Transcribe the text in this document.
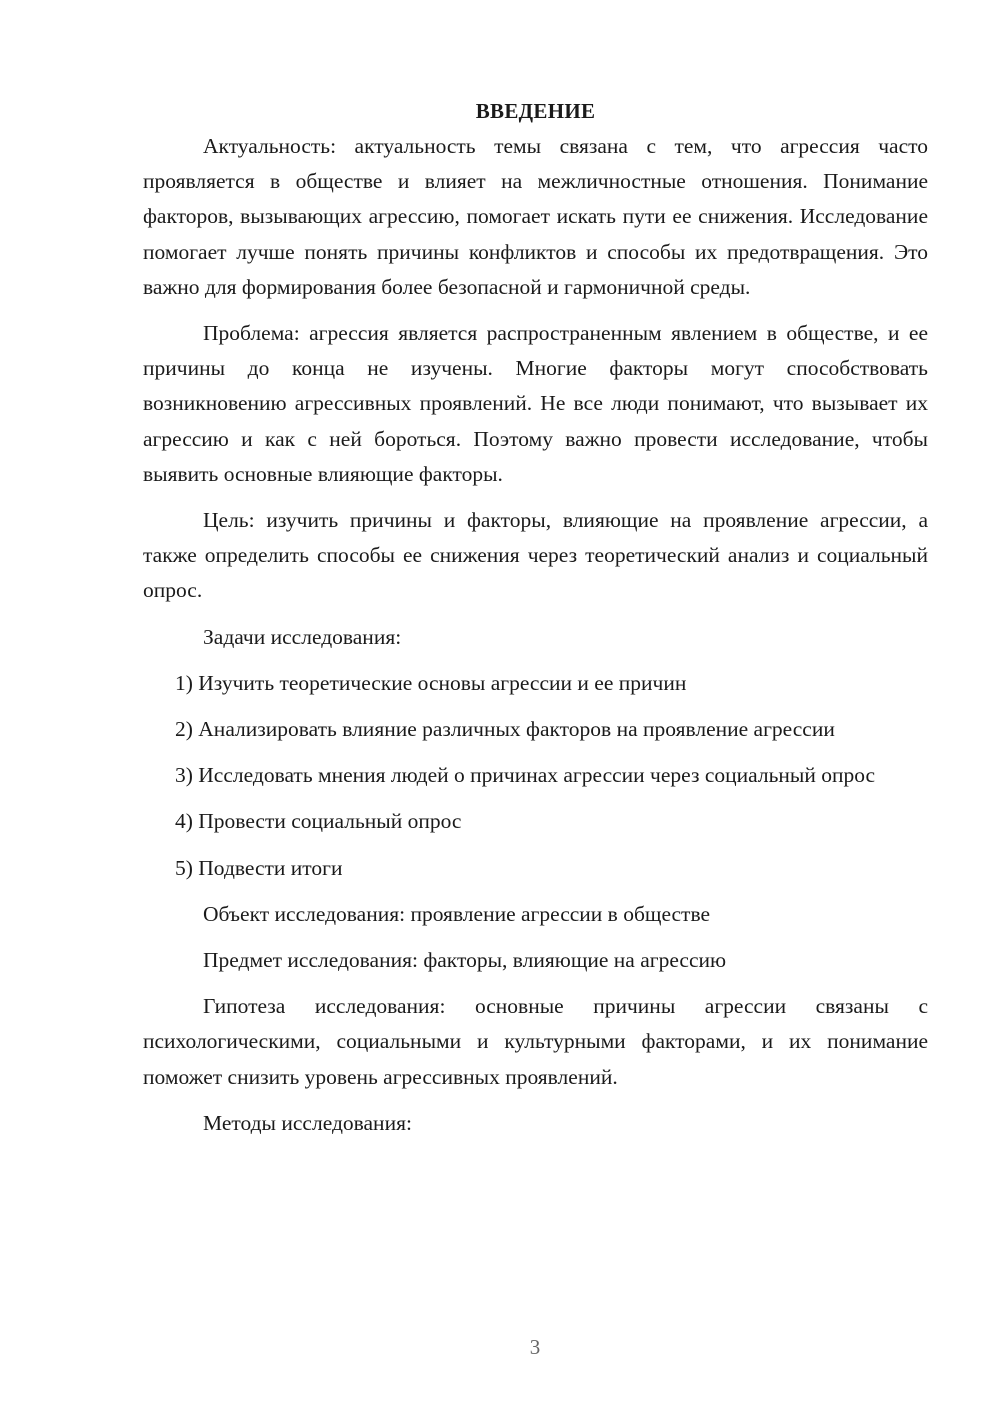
ВВЕДЕНИЕ

Актуальность: актуальность темы связана с тем, что агрессия часто проявляется в обществе и влияет на межличностные отношения. Понимание факторов, вызывающих агрессию, помогает искать пути ее снижения. Исследование помогает лучше понять причины конфликтов и способы их предотвращения. Это важно для формирования более безопасной и гармоничной среды.

Проблема: агрессия является распространенным явлением в обществе, и ее причины до конца не изучены. Многие факторы могут способствовать возникновению агрессивных проявлений. Не все люди понимают, что вызывает их агрессию и как с ней бороться. Поэтому важно провести исследование, чтобы выявить основные влияющие факторы.

Цель: изучить причины и факторы, влияющие на проявление агрессии, а также определить способы ее снижения через теоретический анализ и социальный опрос.

Задачи исследования:

1) Изучить теоретические основы агрессии и ее причин

2) Анализировать влияние различных факторов на проявление агрессии

3) Исследовать мнения людей о причинах агрессии через социальный опрос

4) Провести социальный опрос

5) Подвести итоги

Объект исследования: проявление агрессии в обществе

Предмет исследования: факторы, влияющие на агрессию

Гипотеза исследования: основные причины агрессии связаны с психологическими, социальными и культурными факторами, и их понимание поможет снизить уровень агрессивных проявлений.

Методы исследования:

3
